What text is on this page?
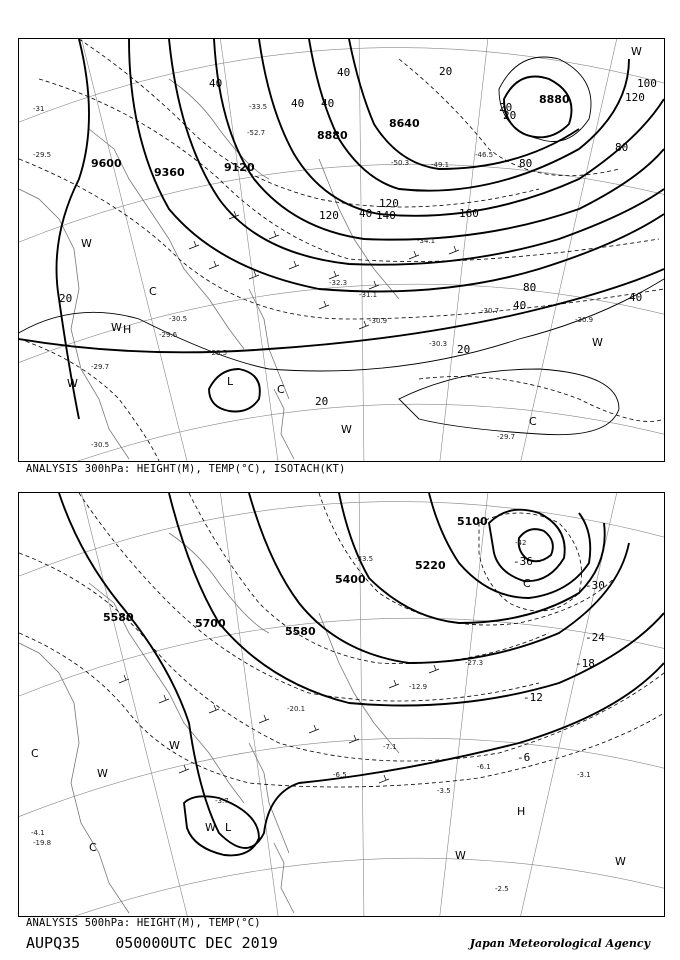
9600
9360	9120
8880
8640
8880
20
40
40 40	20
20
40
40
80
120
100
120
140	160
120
80
80
40
20
20
40
20
-31
-29.5
-30.5
-32.3
-30.9
-30.3
-29.7
-28.5
-29.6
-30.5
-33.5
-50.3
-52.7
-49.1
-46.5
-34.1
-31.1
-30.7
-30.9
-29.7
L
H
W
C
C
W
W
W
C
W
W
ANALYSIS 300hPa: HEIGHT(M), TEMP(°C), ISOTACH(KT)
5100
5220
5400
5580
5700
5580
-30
-24
-18
-12
-6
-36
-42
-33.5
-27.3
-20.1
-12.9
-7.1
-6.5
-6.1
-3.5
-3.1
-2.5
-3.7
-4.1
-19.8
L
W
C
W
W
H
W
W
C
C
ANALYSIS 500hPa: HEIGHT(M), TEMP(°C)
AUPQ35 050000UTC DEC 2019	Japan Meteorological Agency
